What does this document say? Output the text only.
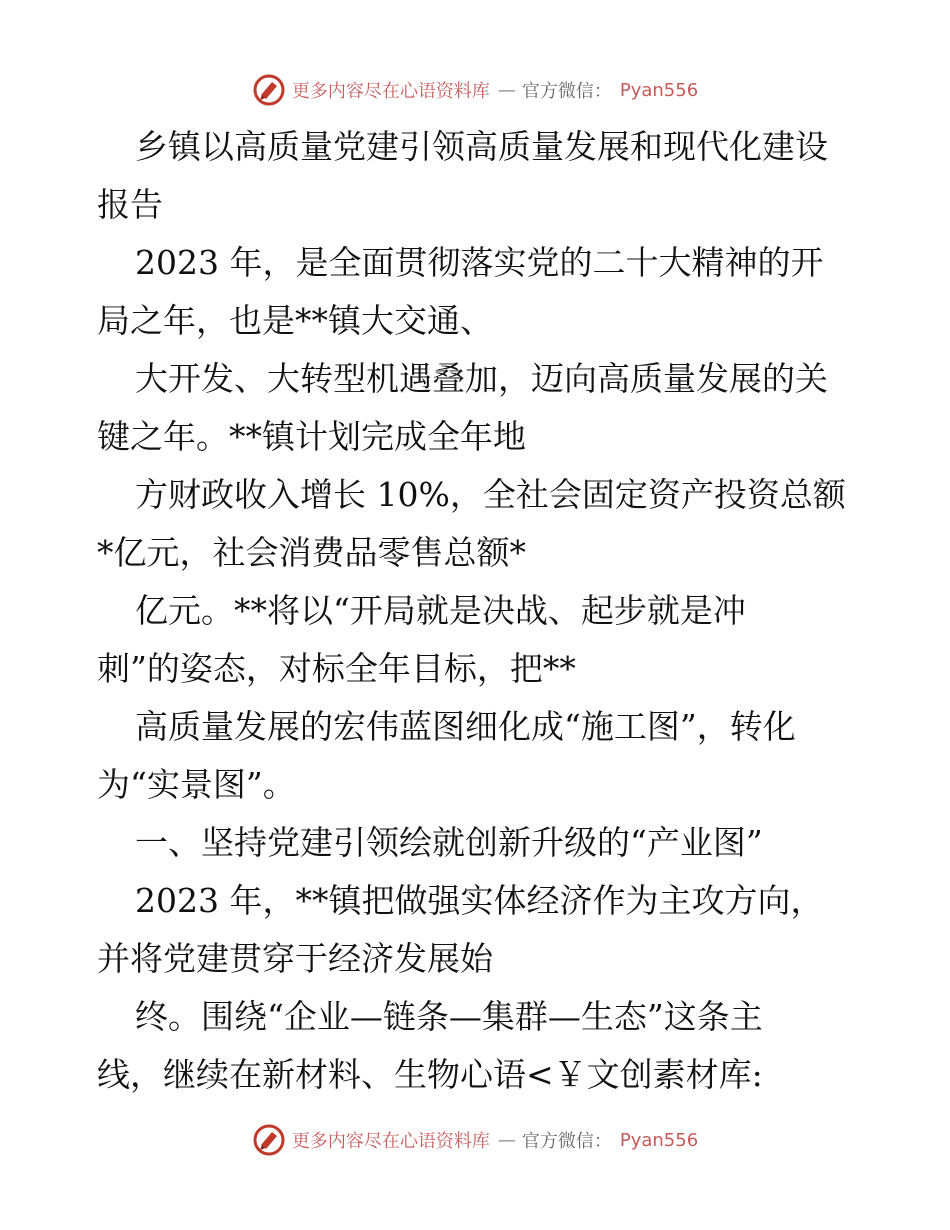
更多内容尽在心语资料库 — 官方微信： Pyan556
乡镇以高质量党建引领高质量发展和现代化建设
报告
2023 年，是全面贯彻落实党的二十大精神的开
局之年，也是**镇大交通、
大开发、大转型机遇叠加，迈向高质量发展的关
键之年。**镇计划完成全年地
方财政收入增长 10%，全社会固定资产投资总额
*亿元，社会消费品零售总额*
亿元。**将以“开局就是决战、起步就是冲
刺”的姿态，对标全年目标，把**
高质量发展的宏伟蓝图细化成“施工图”，转化
为“实景图”。
一、坚持党建引领绘就创新升级的“产业图”
2023 年，**镇把做强实体经济作为主攻方向，
并将党建贯穿于经济发展始
终。围绕“企业—链条—集群—生态”这条主
线，继续在新材料、生物心语<￥文创素材库:
更多内容尽在心语资料库 — 官方微信： Pyan556
